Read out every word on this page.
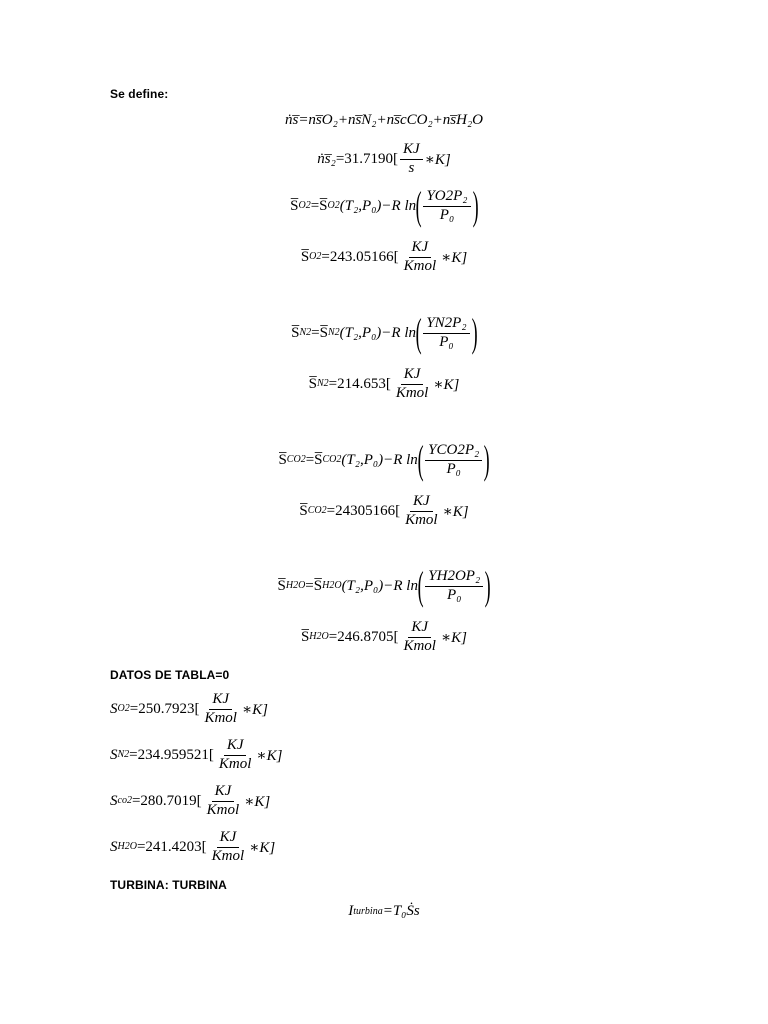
Se define:
ṅs̅ =ns̅O₂+ns̅N₂+ns̅cCO₂+ns̅H₂O
ṅs̅₂ $=31.7190[ \frac{KJ}{s}$ ∗K]
S̅ O2 =S̅ O2 (T₂,P₀)−R ln ( $\frac{\text{YO2P₂}}{\text{P₀}}$ )
S̅ $O2 =243.05166[ \frac{KJ}{\text{Kmol}}$ ∗K]
S̅ N2 =S̅ N2 (T₂,P₀)−R ln ( $\frac{\text{YN2P₂}}{\text{P₀}}$ )
S̅ $N2 =214.653[ \frac{KJ}{\text{Kmol}}$ ∗K]
S̅ CO2 =S̅ CO2 (T₂,P₀)−R ln ( $\frac{\text{YCO2P₂}}{\text{P₀}}$ )
S̅ $CO2 =24305166[ \frac{KJ}{\text{Kmol}}$ ∗K]
S̅ H2O =S̅ H2O (T₂,P₀)−R ln ( $\frac{\text{YH2OP₂}}{\text{P₀}}$ )
S̅ $H2O =246.8705[ \frac{KJ}{\text{Kmol}}$ ∗K]
DATOS DE TABLA=0
S $O2 =250.7923[ \frac{KJ}{\text{Kmol}}$ ∗K]
S $N2 =234.959521[ \frac{KJ}{\text{Kmol}}$ ∗K]
S $co2 =280.7019[ \frac{KJ}{\text{Kmol}}$ ∗K]
S $H2O =241.4203[ \frac{KJ}{\text{Kmol}}$ ∗K]
TURBINA: TURBINA
I turbina =T₀Ṡs
